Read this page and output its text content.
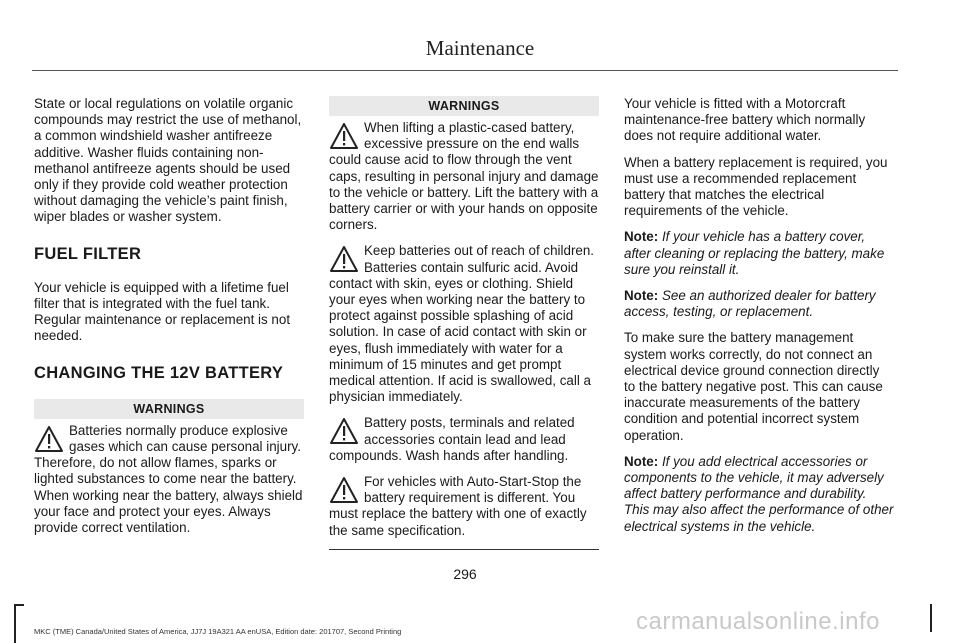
Maintenance

State or local regulations on volatile organic compounds may restrict the use of methanol, a common windshield washer antifreeze additive. Washer fluids containing non-methanol antifreeze agents should be used only if they provide cold weather protection without damaging the vehicle’s paint finish, wiper blades or washer system.

FUEL FILTER

Your vehicle is equipped with a lifetime fuel filter that is integrated with the fuel tank. Regular maintenance or replacement is not needed.

CHANGING THE 12V BATTERY
WARNINGS
Batteries normally produce explosive gases which can cause personal injury. Therefore, do not allow flames, sparks or lighted substances to come near the battery. When working near the battery, always shield your face and protect your eyes. Always provide correct ventilation.
WARNINGS
When lifting a plastic-cased battery, excessive pressure on the end walls could cause acid to flow through the vent caps, resulting in personal injury and damage to the vehicle or battery. Lift the battery with a battery carrier or with your hands on opposite corners.
Keep batteries out of reach of children. Batteries contain sulfuric acid. Avoid contact with skin, eyes or clothing. Shield your eyes when working near the battery to protect against possible splashing of acid solution. In case of acid contact with skin or eyes, flush immediately with water for a minimum of 15 minutes and get prompt medical attention. If acid is swallowed, call a physician immediately.
Battery posts, terminals and related accessories contain lead and lead compounds. Wash hands after handling.
For vehicles with Auto-Start-Stop the battery requirement is different. You must replace the battery with one of exactly the same specification.

Your vehicle is fitted with a Motorcraft maintenance-free battery which normally does not require additional water.

When a battery replacement is required, you must use a recommended replacement battery that matches the electrical requirements of the vehicle.

Note: If your vehicle has a battery cover, after cleaning or replacing the battery, make sure you reinstall it.

Note: See an authorized dealer for battery access, testing, or replacement.

To make sure the battery management system works correctly, do not connect an electrical device ground connection directly to the battery negative post. This can cause inaccurate measurements of the battery condition and potential incorrect system operation.

Note: If you add electrical accessories or components to the vehicle, it may adversely affect battery performance and durability. This may also affect the performance of other electrical systems in the vehicle.

296
MKC (TME) Canada/United States of America, JJ7J 19A321 AA enUSA, Edition date: 201707, Second Printing	carmanualsonline.info
